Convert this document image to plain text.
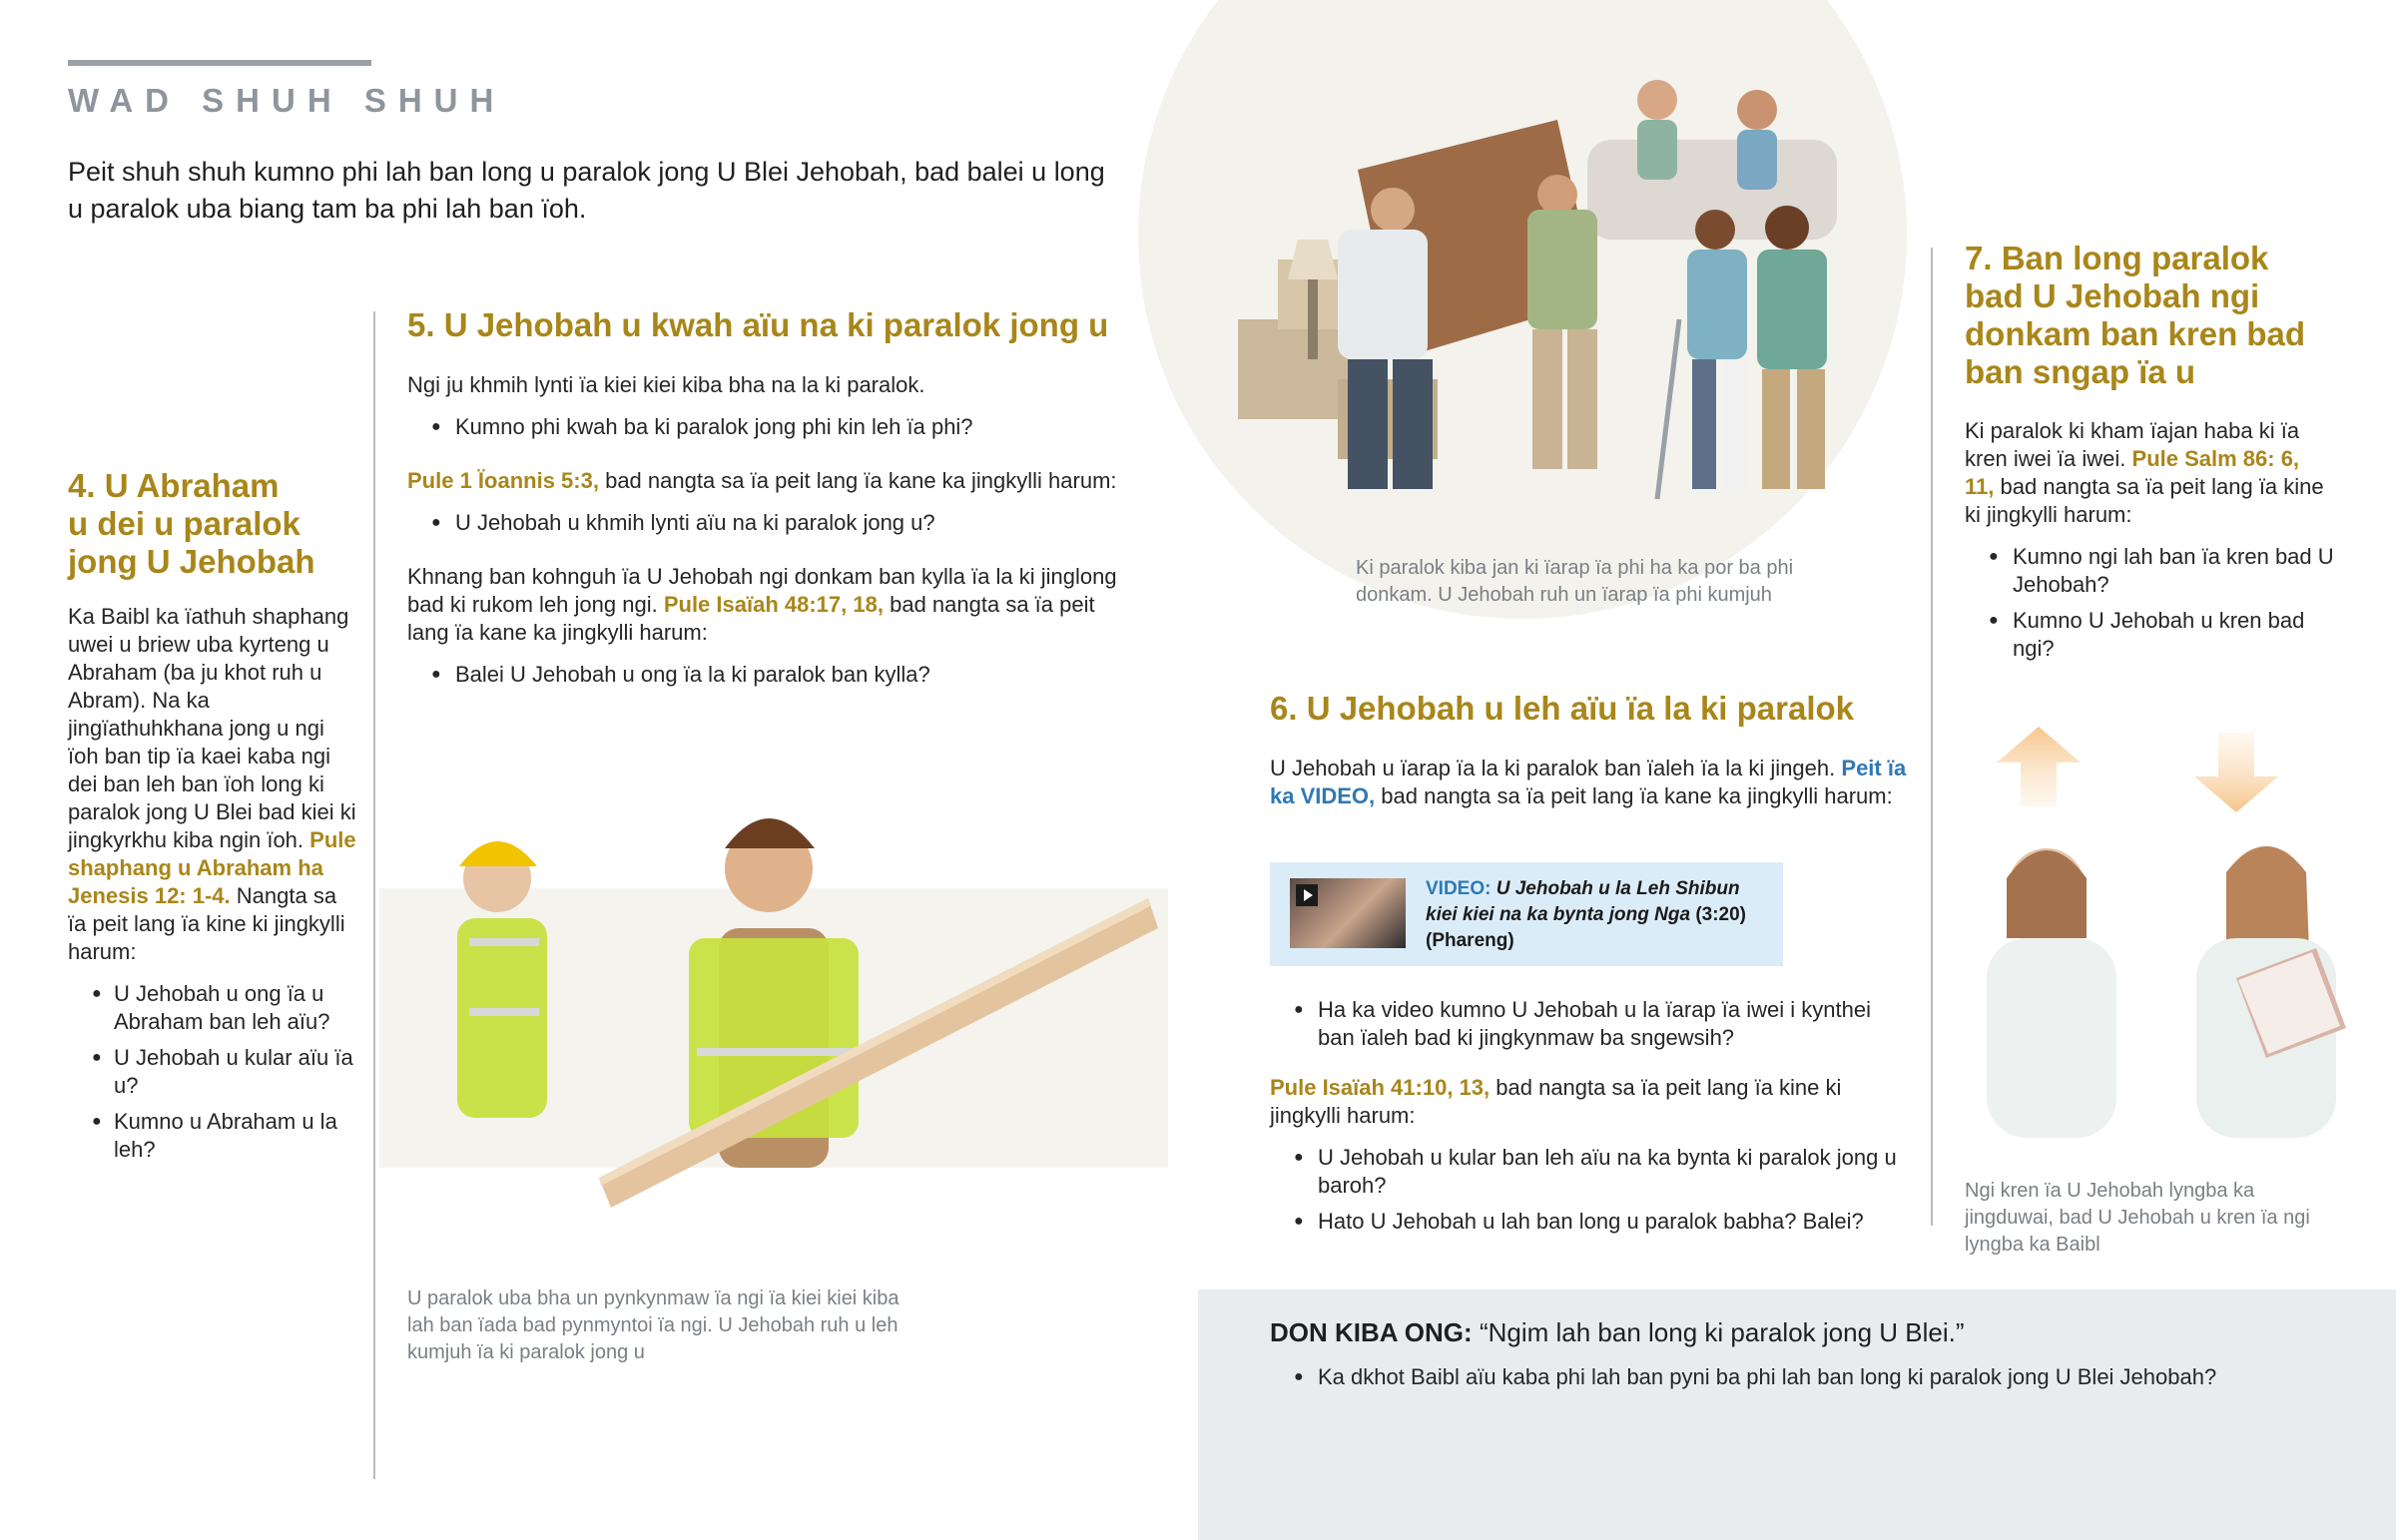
WAD SHUH SHUH
Peit shuh shuh kumno phi lah ban long u paralok jong U Blei Jehobah, bad balei u long u paralok uba biang tam ba phi lah ban ïoh.
4. U Abraham
u dei u paralok
jong U Jehobah
Ka Baibl ka ïathuh shaphang uwei u briew uba kyrteng u Abraham (ba ju khot ruh u Abram). Na ka jingïathuhkhana jong u ngi ïoh ban tip ïa kaei kaba ngi dei ban leh ban ïoh long ki paralok jong U Blei bad kiei ki jingkyrkhu kiba ngin ïoh. Pule shaphang u Abraham ha Jenesis 12: 1-4. Nangta sa ïa peit lang ïa kine ki jingkylli harum:
● U Jehobah u ong ïa u Abraham ban leh aïu?
● U Jehobah u kular aïu ïa u?
● Kumno u Abraham u la leh?
5. U Jehobah u kwah aïu na ki paralok jong u
Ngi ju khmih lynti ïa kiei kiei kiba bha na la ki paralok.
● Kumno phi kwah ba ki paralok jong phi kin leh ïa phi?
Pule 1 Ïoannis 5:3, bad nangta sa ïa peit lang ïa kane ka jingkylli harum:
● U Jehobah u khmih lynti aïu na ki paralok jong u?
Khnang ban kohnguh ïa U Jehobah ngi donkam ban kylla ïa la ki jinglong bad ki rukom leh jong ngi. Pule Isaïah 48:17, 18, bad nangta sa ïa peit lang ïa kane ka jingkylli harum:
● Balei U Jehobah u ong ïa la ki paralok ban kylla?
U paralok uba bha un pynkynmaw ïa ngi ïa kiei kiei kiba lah ban ïada bad pynmyntoi ïa ngi. U Jehobah ruh u leh kumjuh ïa ki paralok jong u
Ki paralok kiba jan ki ïarap ïa phi ha ka por ba phi donkam. U Jehobah ruh un ïarap ïa phi kumjuh
6. U Jehobah u leh aïu ïa la ki paralok
U Jehobah u ïarap ïa la ki paralok ban ïaleh ïa la ki jingeh. Peit ïa ka VIDEO, bad nangta sa ïa peit lang ïa kane ka jingkylli harum:
VIDEO: U Jehobah u la Leh Shibun kiei kiei na ka bynta jong Nga (3:20)
(Phareng)
● Ha ka video kumno U Jehobah u la ïarap ïa iwei i kynthei ban ïaleh bad ki jingkynmaw ba sngewsih?
Pule Isaïah 41:10, 13, bad nangta sa ïa peit lang ïa kine ki jingkylli harum:
● U Jehobah u kular ban leh aïu na ka bynta ki paralok jong u baroh?
● Hato U Jehobah u lah ban long u paralok babha? Balei?
7. Ban long paralok
bad U Jehobah ngi
donkam ban kren bad
ban sngap ïa u
Ki paralok ki kham ïajan haba ki ïa kren iwei ïa iwei. Pule Salm 86: 6, 11, bad nangta sa ïa peit lang ïa kine ki jingkylli harum:
● Kumno ngi lah ban ïa kren bad U Jehobah?
● Kumno U Jehobah u kren bad ngi?
Ngi kren ïa U Jehobah lyngba ka jingduwai, bad U Jehobah u kren ïa ngi lyngba ka Baibl
DON KIBA ONG: “Ngim lah ban long ki paralok jong U Blei.”
● Ka dkhot Baibl aïu kaba phi lah ban pyni ba phi lah ban long ki paralok jong U Blei Jehobah?
